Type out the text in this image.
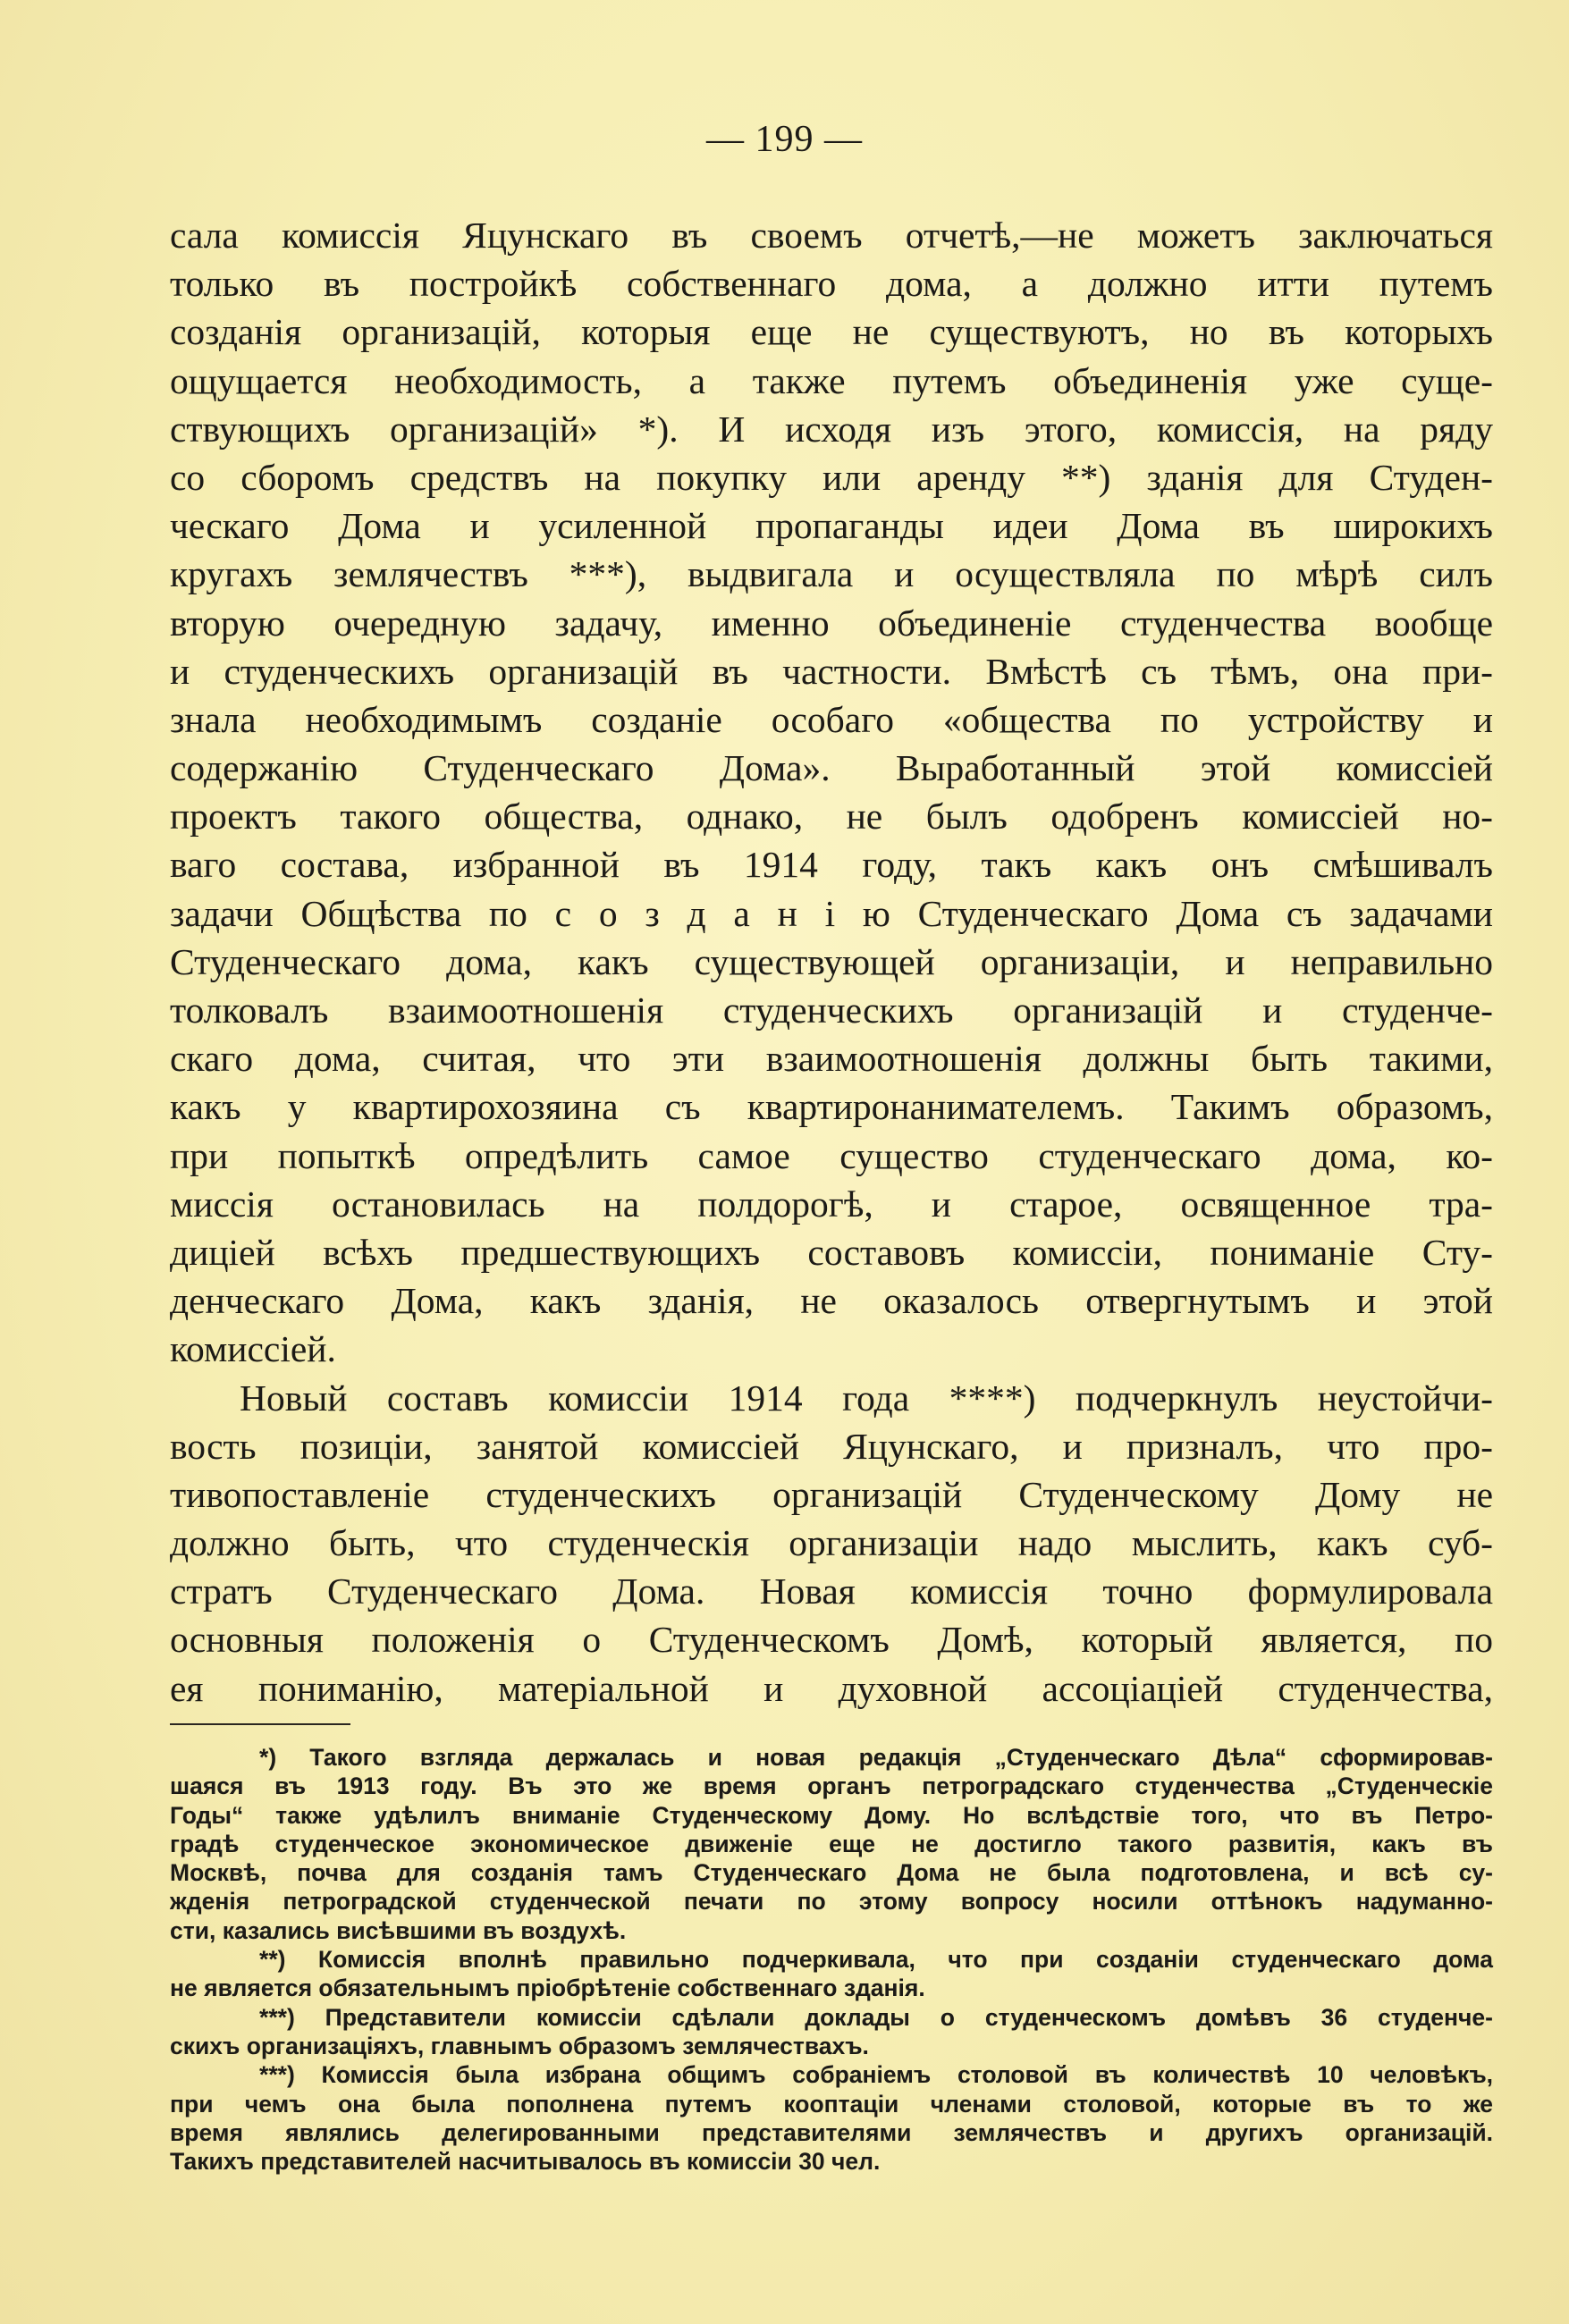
— 199 —
сала комиссія Яцунскаго въ своемъ отчетѣ,—не можетъ заключаться
только въ постройкѣ собственнаго дома, а должно итти путемъ
созданія организацій, которыя еще не существуютъ, но въ которыхъ
ощущается необходимость, а также путемъ объединенія уже суще-
ствующихъ организацій» *). И исходя изъ этого, комиссія, на ряду
со сборомъ средствъ на покупку или аренду **) зданія для Студен-
ческаго Дома и усиленной пропаганды идеи Дома въ широкихъ
кругахъ землячествъ ***), выдвигала и осуществляла по мѣрѣ силъ
вторую очередную задачу, именно объединеніе студенчества вообще
и студенческихъ организацій въ частности. Вмѣстѣ съ тѣмъ, она при-
знала необходимымъ созданіе особаго «общества по устройству и
содержанію Студенческаго Дома». Выработанный этой комиссіей
проектъ такого общества, однако, не былъ одобренъ комиссіей но-
ваго состава, избранной въ 1914 году, такъ какъ онъ смѣшивалъ
задачи Общѣства по с о з д а н і ю Студенческаго Дома съ задачами
Студенческаго дома, какъ существующей организаціи, и неправильно
толковалъ взаимоотношенія студенческихъ организацій и студенче-
скаго дома, считая, что эти взаимоотношенія должны быть такими,
какъ у квартирохозяина съ квартиронанимателемъ. Такимъ образомъ,
при попыткѣ опредѣлить самое существо студенческаго дома, ко-
миссія остановилась на полдорогѣ, и старое, освященное тра-
диціей всѣхъ предшествующихъ составовъ комиссіи, пониманіе Сту-
денческаго Дома, какъ зданія, не оказалось отвергнутымъ и этой
комиссіей.
Новый составъ комиссіи 1914 года ****) подчеркнулъ неустойчи-
вость позиціи, занятой комиссіей Яцунскаго, и призналъ, что про-
тивопоставленіе студенческихъ организацій Студенческому Дому не
должно быть, что студенческія организаціи надо мыслить, какъ суб-
стратъ Студенческаго Дома. Новая комиссія точно формулировала
основныя положенія о Студенческомъ Домѣ, который является, по
ея пониманію, матеріальной и духовной ассоціаціей студенчества,
*) Такого взгляда держалась и новая редакція „Студенческаго Дѣла“ сформировав-
шаяся въ 1913 году. Въ это же время органъ петроградскаго студенчества „Студенческіе
Годы“ также удѣлилъ вниманіе Студенческому Дому. Но вслѣдствіе того, что въ Петро-
градѣ студенческое экономическое движеніе еще не достигло такого развитія, какъ въ
Москвѣ, почва для созданія тамъ Студенческаго Дома не была подготовлена, и всѣ су-
жденія петроградской студенческой печати по этому вопросу носили оттѣнокъ надуманно-
сти, казались висѣвшими въ воздухѣ.
**) Комиссія вполнѣ правильно подчеркивала, что при созданіи студенческаго дома
не является обязательнымъ пріобрѣтеніе собственнаго зданія.
***) Представители комиссіи сдѣлали доклады о студенческомъ домѣвъ 36 студенче-
скихъ организаціяхъ, главнымъ образомъ землячествахъ.
***) Комиссія была избрана общимъ собраніемъ столовой въ количествѣ 10 человѣкъ,
при чемъ она была пополнена путемъ кооптаціи членами столовой, которые въ то же
время являлись делегированными представителями землячествъ и другихъ организацій.
Такихъ представителей насчитывалось въ комиссіи 30 чел.
